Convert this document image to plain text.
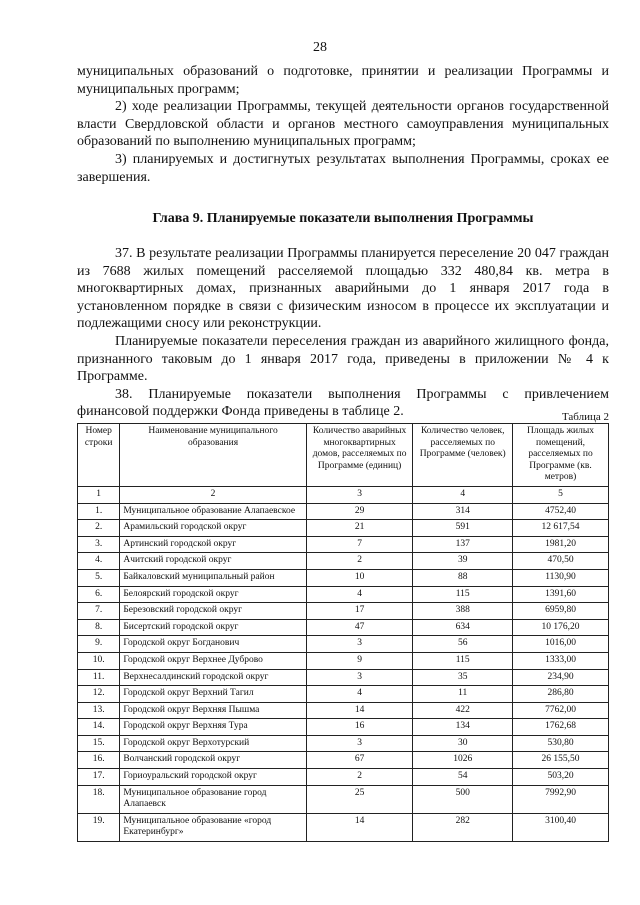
28

муниципальных образований о подготовке, принятии и реализации Программы и муниципальных программ;

2) ходе реализации Программы, текущей деятельности органов государственной власти Свердловской области и органов местного самоуправления муниципальных образований по выполнению муниципальных программ;

3) планируемых и достигнутых результатах выполнения Программы, сроках ее завершения.

Глава 9. Планируемые показатели выполнения Программы

37. В результате реализации Программы планируется переселение 20 047 граждан из 7688 жилых помещений расселяемой площадью 332 480,84 кв. метра в многоквартирных домах, признанных аварийными до 1 января 2017 года в установленном порядке в связи с физическим износом в процессе их эксплуатации и подлежащими сносу или реконструкции.

Планируемые показатели переселения граждан из аварийного жилищного фонда, признанного таковым до 1 января 2017 года, приведены в приложении № 4 к Программе.

38. Планируемые показатели выполнения Программы с привлечением финансовой поддержки Фонда приведены в таблице 2.	Таблица 2
Номер строки	Наименование муниципального образования	Количество аварийных многоквартирных домов, расселяемых по Программе (единиц)	Количество человек, расселяемых по Программе (человек)	Площадь жилых помещений, расселяемых по Программе (кв. метров)
1	2	3	4	5
1.	Муниципальное образование Алапаевское	29	314	4752,40
2.	Арамильский городской округ	21	591	12 617,54
3.	Артинский городской округ	7	137	1981,20
4.	Ачитский городской округ	2	39	470,50
5.	Байкаловский муниципальный район	10	88	1130,90
6.	Белоярский городской округ	4	115	1391,60
7.	Березовский городской округ	17	388	6959,80
8.	Бисертский городской округ	47	634	10 176,20
9.	Городской округ Богданович	3	56	1016,00
10.	Городской округ Верхнее Дуброво	9	115	1333,00
11.	Верхнесалдинский городской округ	3	35	234,90
12.	Городской округ Верхний Тагил	4	11	286,80
13.	Городской округ Верхняя Пышма	14	422	7762,00
14.	Городской округ Верхняя Тура	16	134	1762,68
15.	Городской округ Верхотурский	3	30	530,80
16.	Волчанский городской округ	67	1026	26 155,50
17.	Гориоуральский городской округ	2	54	503,20
18.	Муниципальное образование город Алапаевск	25	500	7992,90
19.	Муниципальное образование «город Екатеринбург»	14	282	3100,40
